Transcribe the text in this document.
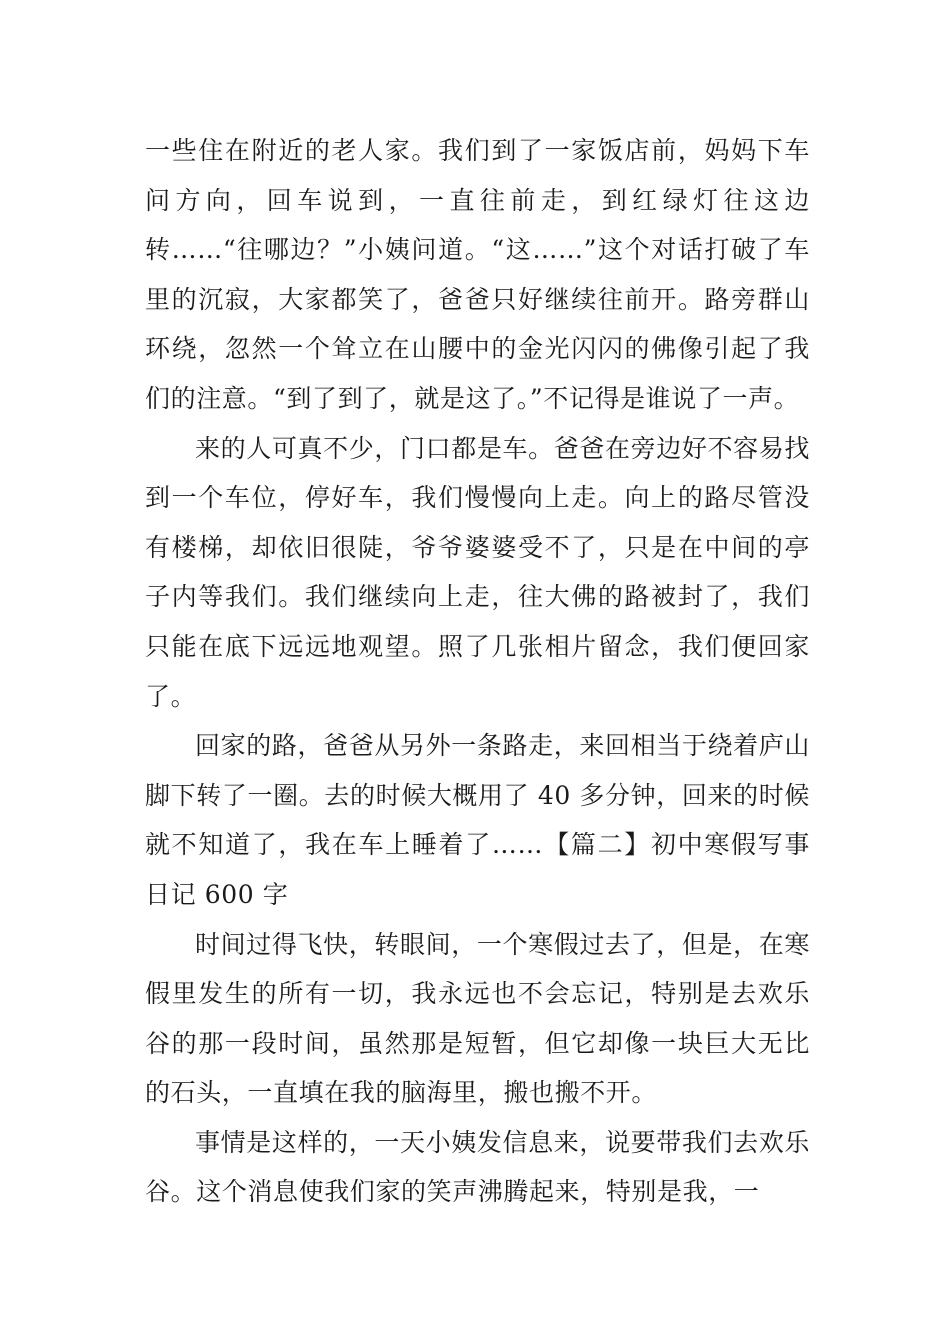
一些住在附近的老人家。我们到了一家饭店前，妈妈下车问方向，回车说到，一直往前走，到红绿灯往这边转……“往哪边？”小姨问道。“这……”这个对话打破了车里的沉寂，大家都笑了，爸爸只好继续往前开。路旁群山环绕，忽然一个耸立在山腰中的金光闪闪的佛像引起了我们的注意。“到了到了，就是这了。”不记得是谁说了一声。

来的人可真不少，门口都是车。爸爸在旁边好不容易找到一个车位，停好车，我们慢慢向上走。向上的路尽管没有楼梯，却依旧很陡，爷爷婆婆受不了，只是在中间的亭子内等我们。我们继续向上走，往大佛的路被封了，我们只能在底下远远地观望。照了几张相片留念，我们便回家了。

回家的路，爸爸从另外一条路走，来回相当于绕着庐山脚下转了一圈。去的时候大概用了 40 多分钟，回来的时候就不知道了，我在车上睡着了……【篇二】初中寒假写事日记 600 字

时间过得飞快，转眼间，一个寒假过去了，但是，在寒假里发生的所有一切，我永远也不会忘记，特别是去欢乐谷的那一段时间，虽然那是短暂，但它却像一块巨大无比的石头，一直填在我的脑海里，搬也搬不开。

事情是这样的，一天小姨发信息来，说要带我们去欢乐谷。这个消息使我们家的笑声沸腾起来，特别是我，一
